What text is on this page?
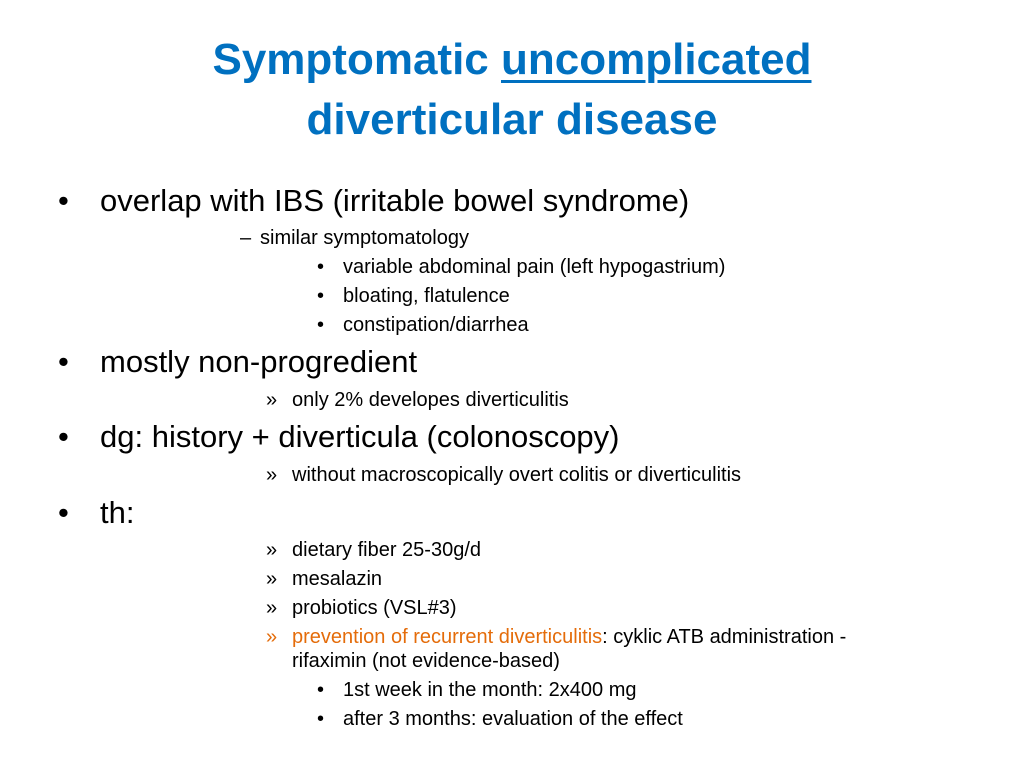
Symptomatic uncomplicated
diverticular disease
• overlap with IBS (irritable bowel syndrome)
– similar symptomatology
• variable abdominal pain (left hypogastrium)
• bloating, flatulence
• constipation/diarrhea
• mostly non-progredient
» only 2% developes diverticulitis
• dg: history + diverticula (colonoscopy)
» without macroscopically overt colitis or diverticulitis
• th:
» dietary fiber 25-30g/d
» mesalazin
» probiotics (VSL#3)
» prevention of recurrent diverticulitis: cyklic ATB administration -
rifaximin (not evidence-based)
• 1st week in the month: 2x400 mg
• after 3 months: evaluation of the effect
